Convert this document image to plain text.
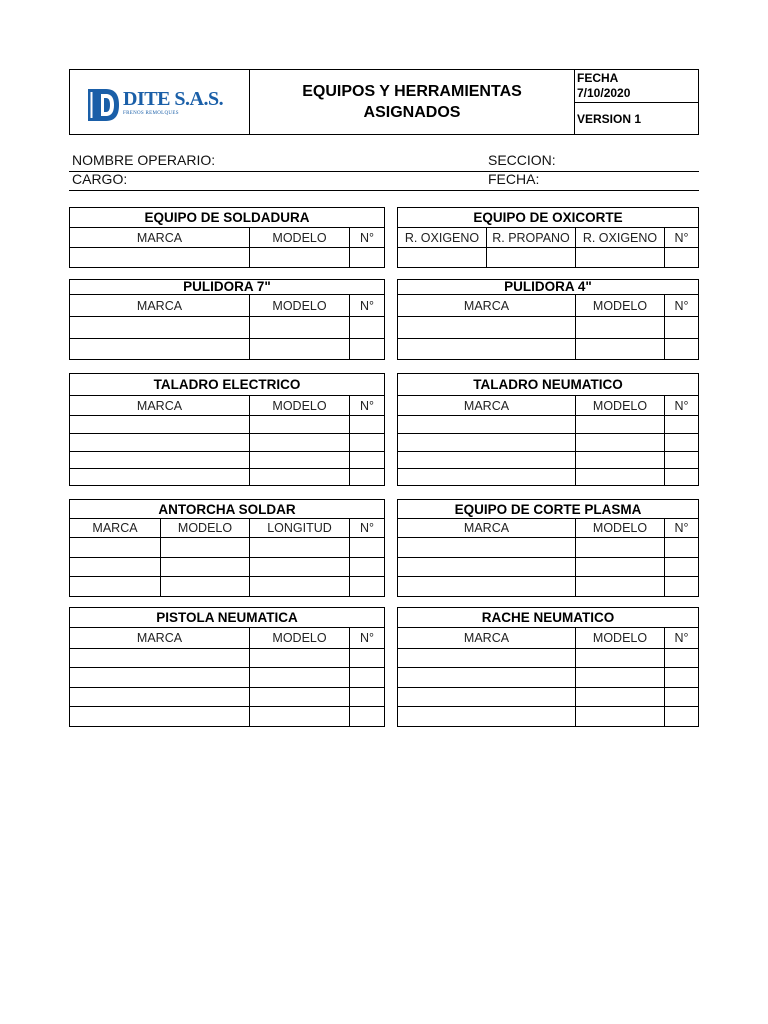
DITE S.A.S.
FRENOS REMOLQUES
EQUIPOS Y HERRAMIENTAS
ASIGNADOS
FECHA
7/10/2020
VERSION 1
NOMBRE OPERARIO:	SECCION:
CARGO:	FECHA:
EQUIPO DE SOLDADURA		
MARCA	MODELO	N°

EQUIPO DE OXICORTE			
R. OXIGENO	R. PROPANO	R. OXIGENO	N°

PULIDORA 7"		
MARCA	MODELO	N°

PULIDORA 4"		
MARCA	MODELO	N°

TALADRO ELECTRICO		
MARCA	MODELO	N°

TALADRO NEUMATICO		
MARCA	MODELO	N°

ANTORCHA SOLDAR			
MARCA	MODELO	LONGITUD	N°

EQUIPO DE CORTE PLASMA		
MARCA	MODELO	N°

PISTOLA NEUMATICA		
MARCA	MODELO	N°

RACHE NEUMATICO		
MARCA	MODELO	N°
